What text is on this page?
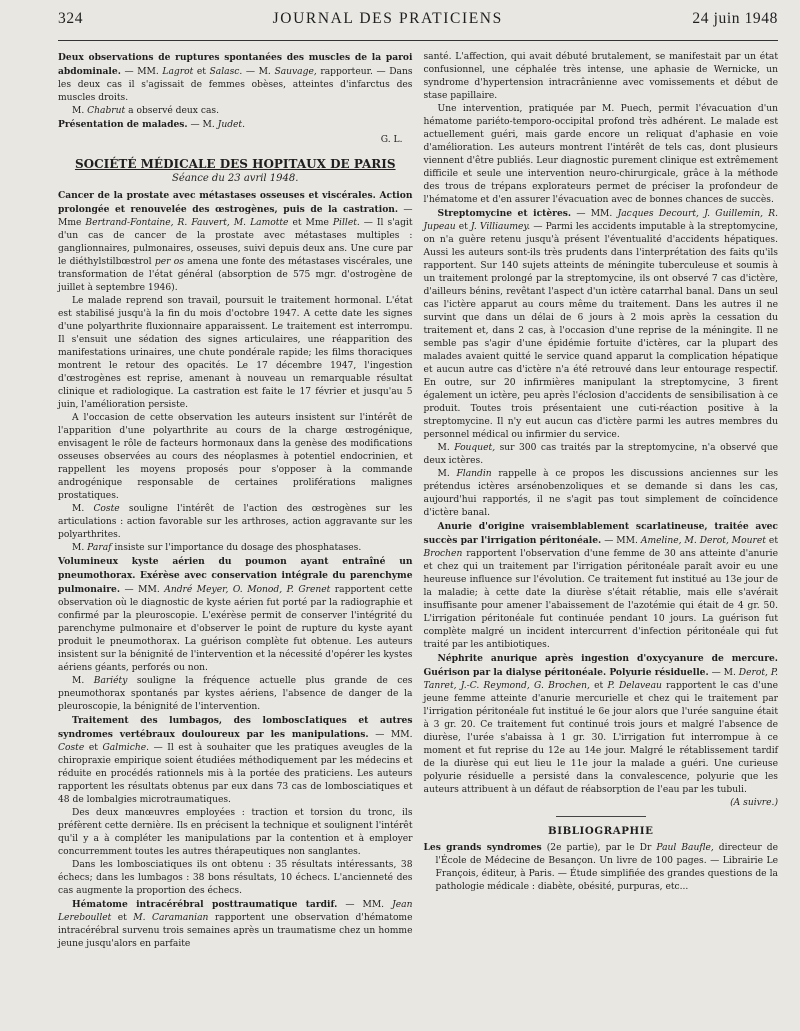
324	JOURNAL DES PRATICIENS	24 juin 1948

Deux observations de ruptures spontanées des muscles de la paroi abdominale. — MM. Lagrot et Salasc. — M. Sauvage, rapporteur. — Dans les deux cas il s'agissait de femmes obèses, atteintes d'infarctus des muscles droits.

M. Chabrut a observé deux cas.

Présentation de malades. — M. Judet.

G. L.
SOCIÉTÉ MÉDICALE DES HOPITAUX DE PARIS
Séance du 23 avril 1948.

Cancer de la prostate avec métastases osseuses et viscérales. Action prolongée et renouvelée des œstrogènes, puis de la castration. — Mme Bertrand-Fontaine, R. Fauvert, M. Lamotte et Mme Pillet. — Il s'agit d'un cas de cancer de la prostate avec métastases multiples : ganglionnaires, pulmonaires, osseuses, suivi depuis deux ans. Une cure par le diéthylstilbœstrol per os amena une fonte des métastases viscérales, une transformation de l'état général (absorption de 575 mgr. d'ostrogène de juillet à septembre 1946).

Le malade reprend son travail, poursuit le traitement hormonal. L'état est stabilisé jusqu'à la fin du mois d'octobre 1947. A cette date les signes d'une polyarthrite fluxionnaire apparaissent. Le traitement est interrompu. Il s'ensuit une sédation des signes articulaires, une réapparition des manifestations urinaires, une chute pondérale rapide; les films thoraciques montrent le retour des opacités. Le 17 décembre 1947, l'ingestion d'œstrogènes est reprise, amenant à nouveau un remarquable résultat clinique et radiologique. La castration est faite le 17 février et jusqu'au 5 juin, l'amélioration persiste.

A l'occasion de cette observation les auteurs insistent sur l'intérêt de l'apparition d'une polyarthrite au cours de la charge œstrogénique, envisagent le rôle de facteurs hormonaux dans la genèse des modifications osseuses observées au cours des néoplasmes à potentiel endocrinien, et rappellent les moyens proposés pour s'opposer à la commande androgénique responsable de certaines proliférations malignes prostatiques.

M. Coste souligne l'intérêt de l'action des œstrogènes sur les articulations : action favorable sur les arthroses, action aggravante sur les polyarthrites.

M. Paraf insiste sur l'importance du dosage des phosphatases.

Volumineux kyste aérien du poumon ayant entraîné un pneumothorax. Exérèse avec conservation intégrale du parenchyme pulmonaire. — MM. André Meyer, O. Monod, P. Grenet rapportent cette observation où le diagnostic de kyste aérien fut porté par la radiographie et confirmé par la pleuroscopie. L'exérèse permit de conserver l'intégrité du parenchyme pulmonaire et d'observer le point de rupture du kyste ayant produit le pneumothorax. La guérison complète fut obtenue. Les auteurs insistent sur la bénignité de l'intervention et la nécessité d'opérer les kystes aériens géants, perforés ou non.

M. Bariéty souligne la fréquence actuelle plus grande de ces pneumothorax spontanés par kystes aériens, l'absence de danger de la pleuroscopie, la bénignité de l'intervention.

Traitement des lumbagos, des lomboscIatiques et autres syndromes vertébraux douloureux par les manipulations. — MM. Coste et Galmiche. — Il est à souhaiter que les pratiques aveugles de la chiropraxie empirique soient étudiées méthodiquement par les médecins et réduite en procédés rationnels mis à la portée des praticiens. Les auteurs rapportent les résultats obtenus par eux dans 73 cas de lombosciatiques et 48 de lombalgies microtraumatiques.

Des deux manœuvres employées : traction et torsion du tronc, ils préfèrent cette dernière. Ils en précisent la technique et soulignent l'intérêt qu'il y a à compléter les manipulations par la contention et à employer concurremment toutes les autres thérapeutiques non sanglantes.

Dans les lombosciatiques ils ont obtenu : 35 résultats intéressants, 38 échecs; dans les lumbagos : 38 bons résultats, 10 échecs. L'ancienneté des cas augmente la proportion des échecs.

Hématome intracérébral posttraumatique tardif. — MM. Jean Lereboullet et M. Caramanian rapportent une observation d'hématome intracérébral survenu trois semaines après un traumatisme chez un homme jeune jusqu'alors en parfaite

santé. L'affection, qui avait débuté brutalement, se manifestait par un état confusionnel, une céphalée très intense, une aphasie de Wernicke, un syndrome d'hypertension intracrânienne avec vomissements et début de stase papillaire.

Une intervention, pratiquée par M. Puech, permit l'évacuation d'un hématome pariéto-temporo-occipital profond très adhérent. Le malade est actuellement guéri, mais garde encore un reliquat d'aphasie en voie d'amélioration. Les auteurs montrent l'intérêt de tels cas, dont plusieurs viennent d'être publiés. Leur diagnostic purement clinique est extrêmement difficile et seule une intervention neuro-chirurgicale, grâce à la méthode des trous de trépans explorateurs permet de préciser la profondeur de l'hématome et d'en assurer l'évacuation avec de bonnes chances de succès.

Streptomycine et ictères. — MM. Jacques Decourt, J. Guillemin, R. Jupeau et J. Villiaumey. — Parmi les accidents imputable à la streptomycine, on n'a guère retenu jusqu'à présent l'éventualité d'accidents hépatiques. Aussi les auteurs sont-ils très prudents dans l'interprétation des faits qu'ils rapportent. Sur 140 sujets atteints de méningite tuberculeuse et soumis à un traitement prolongé par la streptomycine, ils ont observé 7 cas d'ictère, d'ailleurs bénins, revêtant l'aspect d'un ictère catarrhal banal. Dans un seul cas l'ictère apparut au cours même du traitement. Dans les autres il ne survint que dans un délai de 6 jours à 2 mois après la cessation du traitement et, dans 2 cas, à l'occasion d'une reprise de la méningite. Il ne semble pas s'agir d'une épidémie fortuite d'ictères, car la plupart des malades avaient quitté le service quand apparut la complication hépatique et aucun autre cas d'ictère n'a été retrouvé dans leur entourage respectif. En outre, sur 20 infirmières manipulant la streptomycine, 3 firent également un ictère, peu après l'éclosion d'accidents de sensibilisation à ce produit. Toutes trois présentaient une cuti-réaction positive à la streptomycine. Il n'y eut aucun cas d'ictère parmi les autres membres du personnel médical ou infirmier du service.

M. Fouquet, sur 300 cas traités par la streptomycine, n'a observé que deux ictères.

M. Flandin rappelle à ce propos les discussions anciennes sur les prétendus ictères arsénobenzoliques et se demande si dans les cas, aujourd'hui rapportés, il ne s'agit pas tout simplement de coïncidence d'ictère banal.

Anurie d'origine vraisemblablement scarlatineuse, traitée avec succès par l'irrigation péritonéale. — MM. Ameline, M. Derot, Mouret et Brochen rapportent l'observation d'une femme de 30 ans atteinte d'anurie et chez qui un traitement par l'irrigation péritonéale paraît avoir eu une heureuse influence sur l'évolution. Ce traitement fut institué au 13e jour de la maladie; à cette date la diurèse s'était rétablie, mais elle s'avérait insuffisante pour amener l'abaissement de l'azotémie qui était de 4 gr. 50. L'irrigation péritonéale fut continuée pendant 10 jours. La guérison fut complète malgré un incident intercurrent d'infection péritonéale qui fut traité par les antibiotiques.

Néphrite anurique après ingestion d'oxycyanure de mercure. Guérison par la dialyse péritonéale. Polyurie résiduelle. — M. Derot, P. Tanret, J.-C. Reymond, G. Brochen, et P. Delaveau rapportent le cas d'une jeune femme atteinte d'anurie mercurielle et chez qui le traitement par l'irrigation péritonéale fut institué le 6e jour alors que l'urée sanguine était à 3 gr. 20. Ce traitement fut continué trois jours et malgré l'absence de diurèse, l'urée s'abaissa à 1 gr. 30. L'irrigation fut interrompue à ce moment et fut reprise du 12e au 14e jour. Malgré le rétablissement tardif de la diurèse qui eut lieu le 11e jour la malade a guéri. Une curieuse polyurie résiduelle a persisté dans la convalescence, polyurie que les auteurs attribuent à un défaut de réabsorption de l'eau par les tubuli.

(A suivre.)
BIBLIOGRAPHIE

Les grands syndromes (2e partie), par le Dr Paul Baufle, directeur de l'École de Médecine de Besançon. Un livre de 100 pages. — Librairie Le François, éditeur, à Paris. — Étude simplifiée des grandes questions de la pathologie médicale : diabète, obésité, purpuras, etc...
